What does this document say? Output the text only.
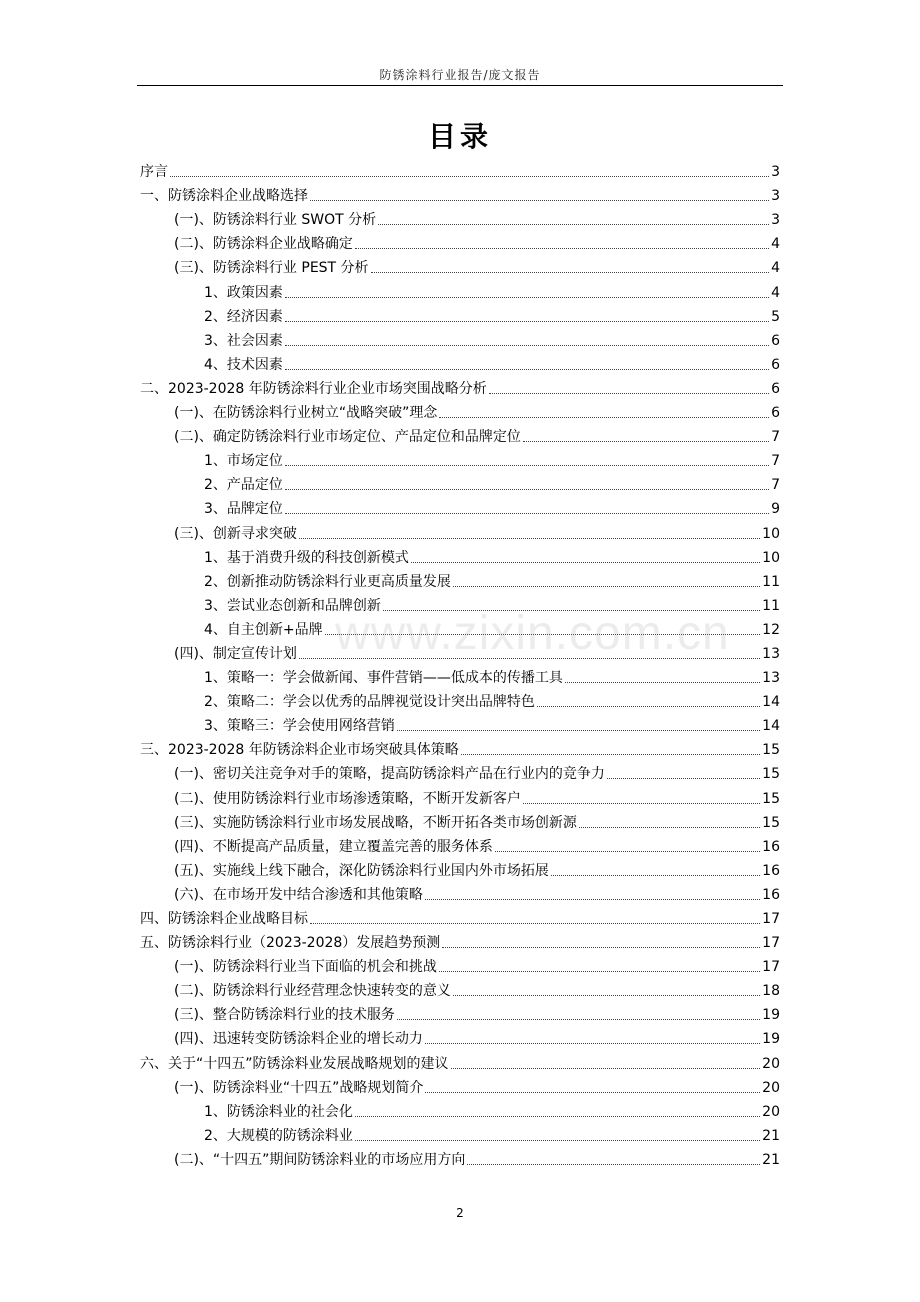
防锈涂料行业报告/庞文报告
目录
序言	3
一、防锈涂料企业战略选择	3
(一)、防锈涂料行业 SWOT 分析	3
(二)、防锈涂料企业战略确定	4
(三)、防锈涂料行业 PEST 分析	4
1、政策因素	4
2、经济因素	5
3、社会因素	6
4、技术因素	6
二、2023-2028 年防锈涂料行业企业市场突围战略分析	6
(一)、在防锈涂料行业树立“战略突破”理念	6
(二)、确定防锈涂料行业市场定位、产品定位和品牌定位	7
1、市场定位	7
2、产品定位	7
3、品牌定位	9
(三)、创新寻求突破	10
1、基于消费升级的科技创新模式	10
2、创新推动防锈涂料行业更高质量发展	11
3、尝试业态创新和品牌创新	11
4、自主创新+品牌	12
(四)、制定宣传计划	13
1、策略一：学会做新闻、事件营销——低成本的传播工具	13
2、策略二：学会以优秀的品牌视觉设计突出品牌特色	14
3、策略三：学会使用网络营销	14
三、2023-2028 年防锈涂料企业市场突破具体策略	15
(一)、密切关注竞争对手的策略，提高防锈涂料产品在行业内的竞争力	15
(二)、使用防锈涂料行业市场渗透策略，不断开发新客户	15
(三)、实施防锈涂料行业市场发展战略，不断开拓各类市场创新源	15
(四)、不断提高产品质量，建立覆盖完善的服务体系	16
(五)、实施线上线下融合，深化防锈涂料行业国内外市场拓展	16
(六)、在市场开发中结合渗透和其他策略	16
四、防锈涂料企业战略目标	17
五、防锈涂料行业（2023-2028）发展趋势预测	17
(一)、防锈涂料行业当下面临的机会和挑战	17
(二)、防锈涂料行业经营理念快速转变的意义	18
(三)、整合防锈涂料行业的技术服务	19
(四)、迅速转变防锈涂料企业的增长动力	19
六、关于“十四五”防锈涂料业发展战略规划的建议	20
(一)、防锈涂料业“十四五”战略规划简介	20
1、防锈涂料业的社会化	20
2、大规模的防锈涂料业	21
(二)、“十四五”期间防锈涂料业的市场应用方向	21
www.zixin.com.cn
2
